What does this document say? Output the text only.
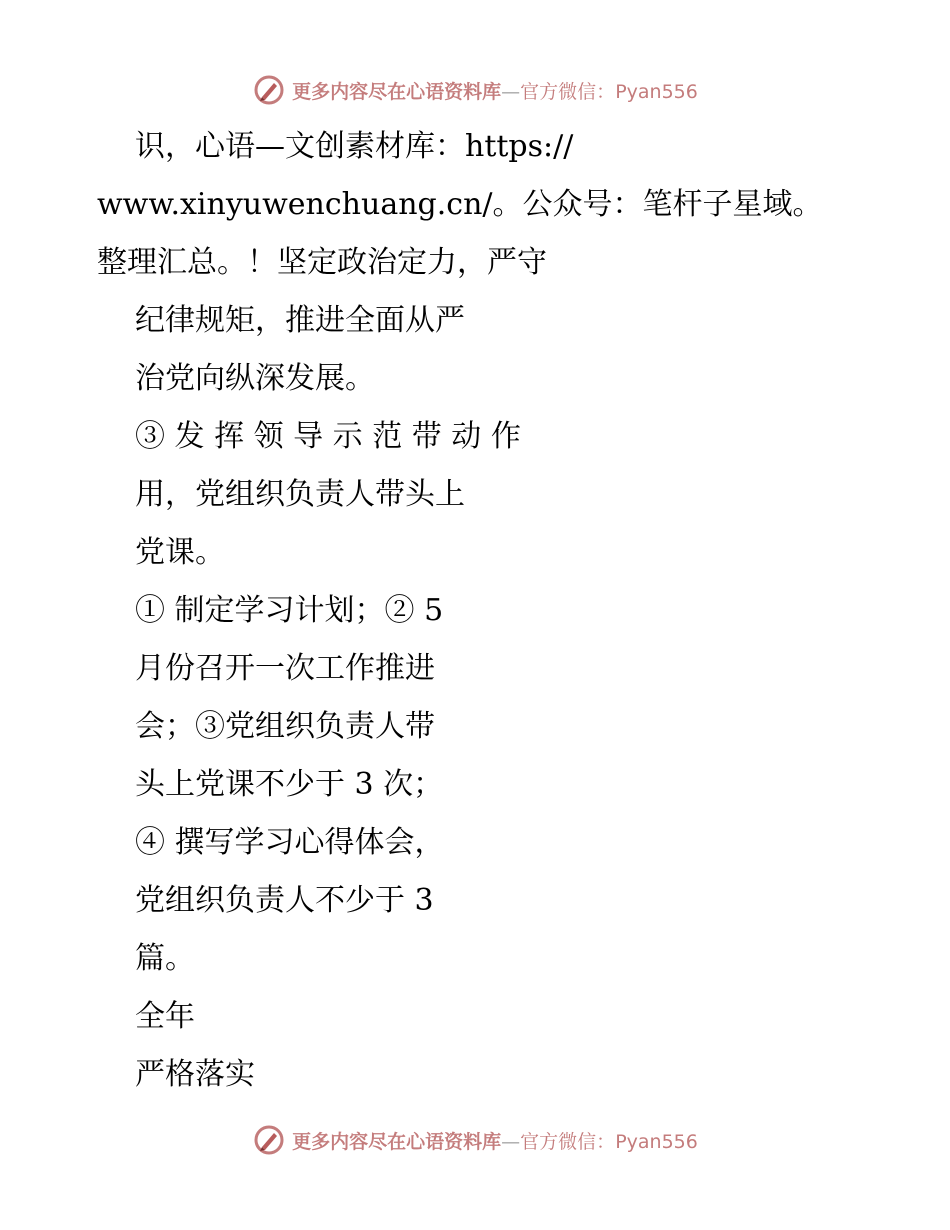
更多内容尽在心语资料库—官方微信：Pyan556
识，心语—文创素材库：https://
www.xinyuwenchuang.cn/。公众号：笔杆子星域。
整理汇总。！坚定政治定力，严守
纪律规矩，推进全面从严
治党向纵深发展。
③ 发 挥 领 导 示 范 带 动 作
用，党组织负责人带头上
党课。
① 制定学习计划；② 5
月份召开一次工作推进
会；③党组织负责人带
头上党课不少于 3 次；
④ 撰写学习心得体会，
党组织负责人不少于 3
篇。
全年
严格落实
更多内容尽在心语资料库—官方微信：Pyan556
